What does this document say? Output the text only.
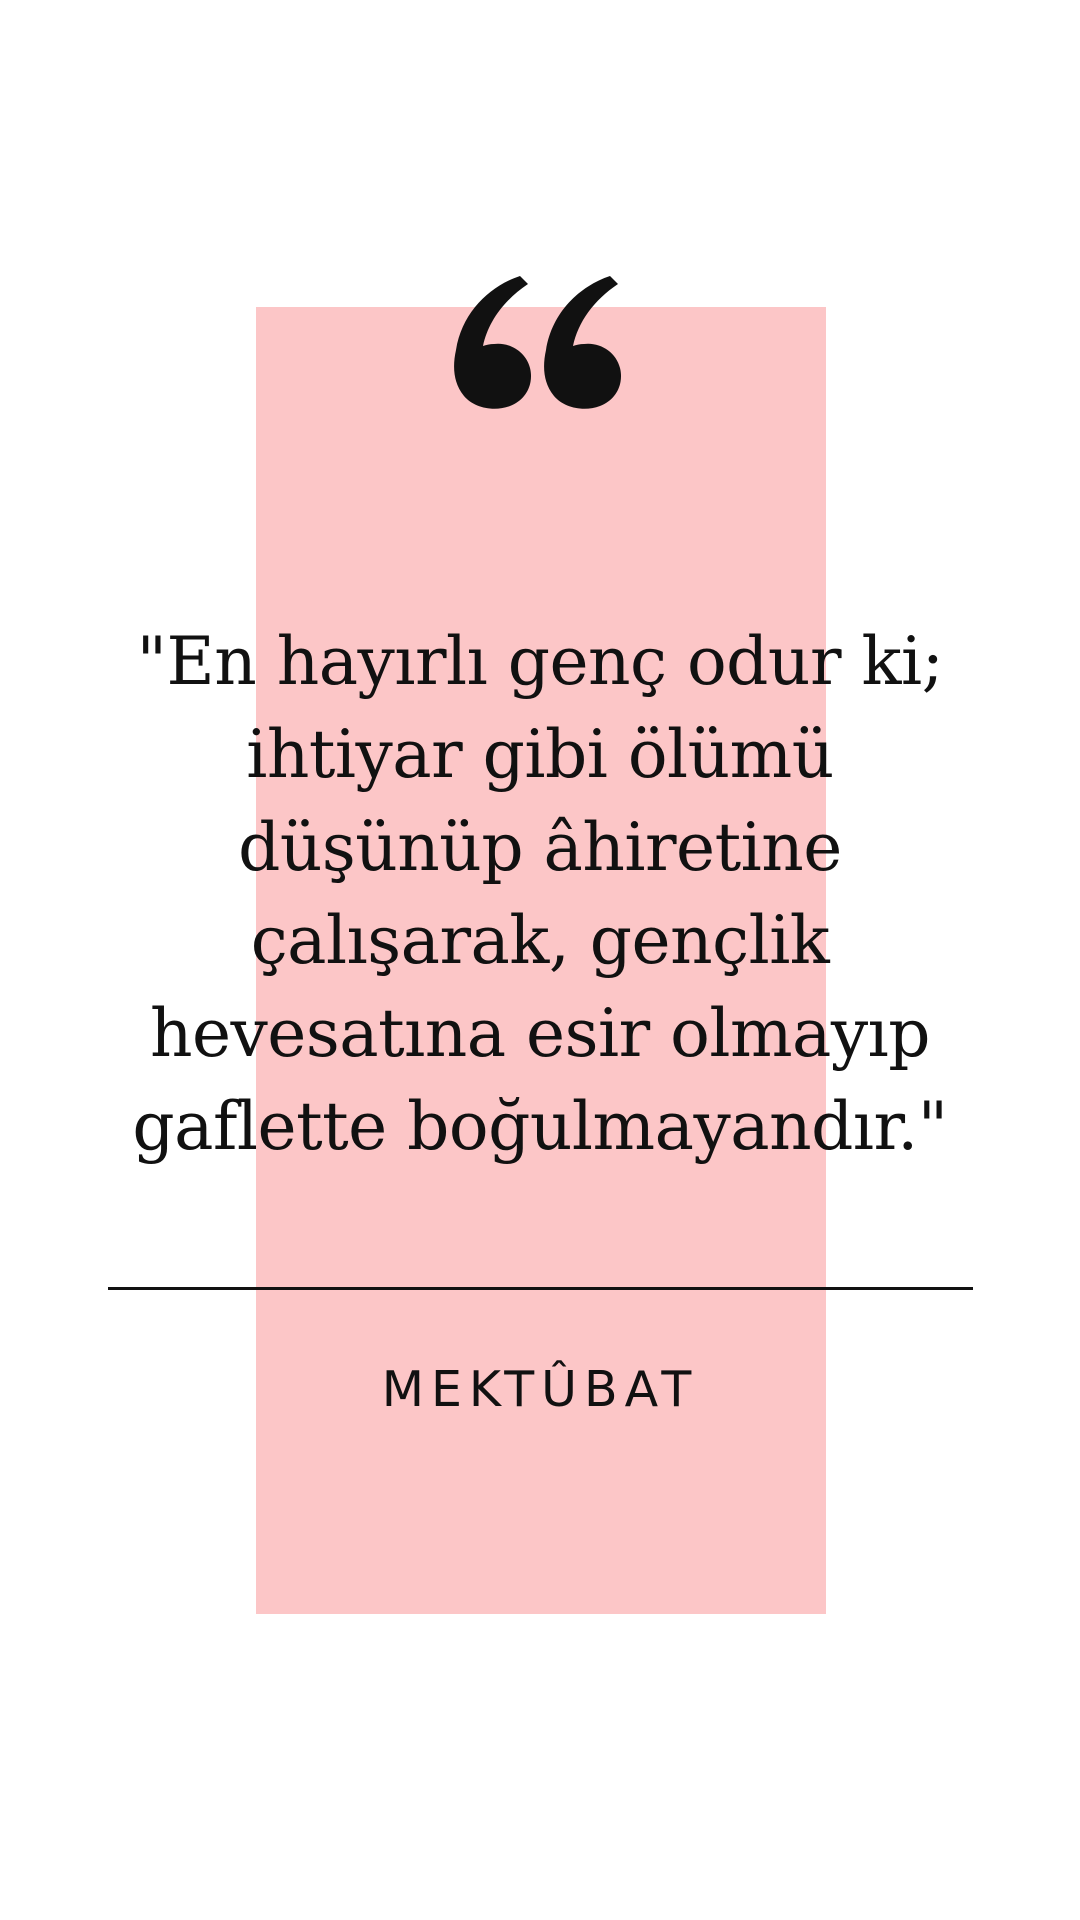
"En hayırlı genç odur ki;
ihtiyar gibi ölümü
düşünüp âhiretine
çalışarak, gençlik
hevesatına esir olmayıp
gaflette boğulmayandır."

MEKTÛBAT
